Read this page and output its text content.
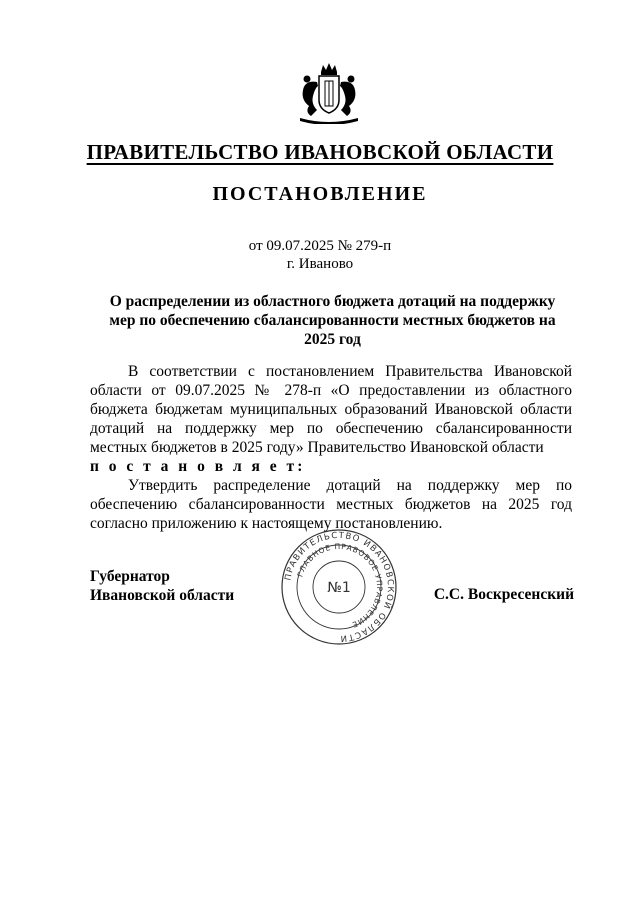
ПРАВИТЕЛЬСТВО ИВАНОВСКОЙ ОБЛАСТИ
ПОСТАНОВЛЕНИЕ
от 09.07.2025 № 279-п
г. Иваново
О распределении из областного бюджета дотаций на поддержку мер по обеспечению сбалансированности местных бюджетов на 2025 год

В соответствии с постановлением Правительства Ивановской области от 09.07.2025 № 278-п «О предоставлении из областного бюджета бюджетам муниципальных образований Ивановской области дотаций на поддержку мер по обеспечению сбалансированности местных бюджетов в 2025 году» Правительство Ивановской области

п о с т а н о в л я е т:

Утвердить распределение дотаций на поддержку мер по обеспечению сбалансированности местных бюджетов на 2025 год согласно приложению к настоящему постановлению.

Губернатор
Ивановской области	С.С. Воскресенский
ПРАВИТЕЛЬСТВО ИВАНОВСКОЙ ОБЛАСТИ
ГЛАВНОЕ ПРАВОВОЕ УПРАВЛЕНИЕ
№1
